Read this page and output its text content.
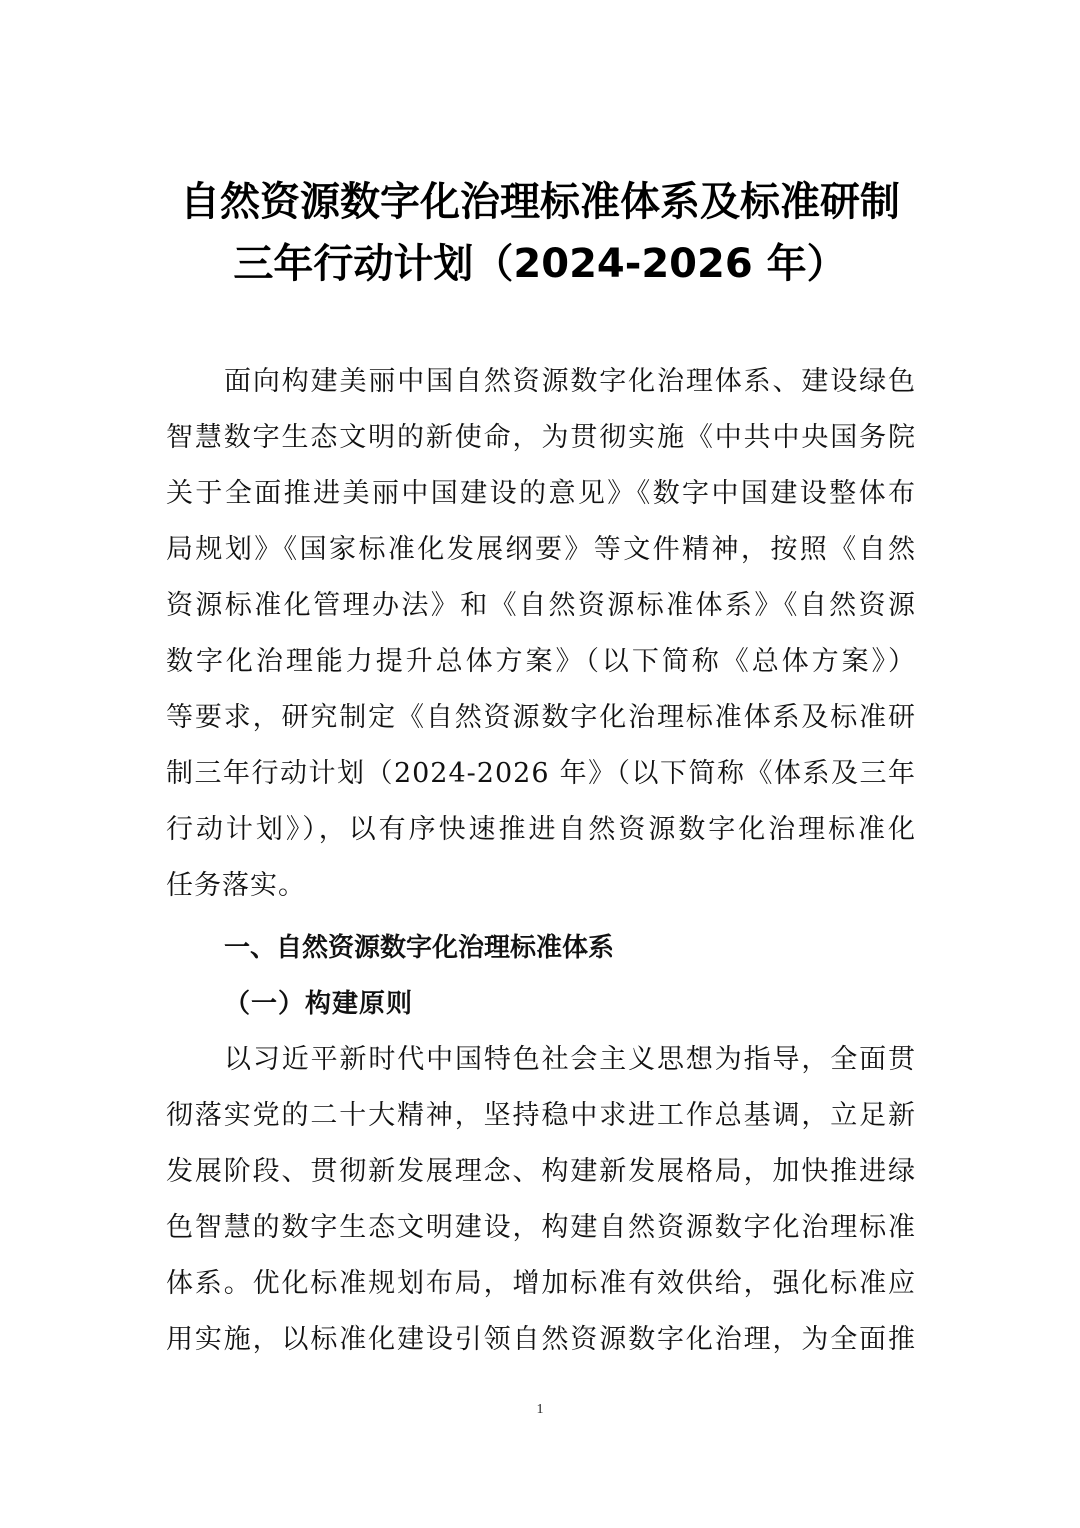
自然资源数字化治理标准体系及标准研制
三年行动计划（2024-2026 年）

面向构建美丽中国自然资源数字化治理体系、建设绿色

智慧数字生态文明的新使命，为贯彻实施《中共中央国务院

关于全面推进美丽中国建设的意见》《数字中国建设整体布

局规划》《国家标准化发展纲要》等文件精神，按照《自然

资源标准化管理办法》和《自然资源标准体系》《自然资源

数字化治理能力提升总体方案》（以下简称《总体方案》）

等要求，研究制定《自然资源数字化治理标准体系及标准研

制三年行动计划（2024-2026 年》（以下简称《体系及三年

行动计划》），以有序快速推进自然资源数字化治理标准化

任务落实。

一、自然资源数字化治理标准体系
（一）构建原则

以习近平新时代中国特色社会主义思想为指导，全面贯

彻落实党的二十大精神，坚持稳中求进工作总基调，立足新

发展阶段、贯彻新发展理念、构建新发展格局，加快推进绿

色智慧的数字生态文明建设，构建自然资源数字化治理标准

体系。优化标准规划布局，增加标准有效供给，强化标准应

用实施，以标准化建设引领自然资源数字化治理，为全面推

1
